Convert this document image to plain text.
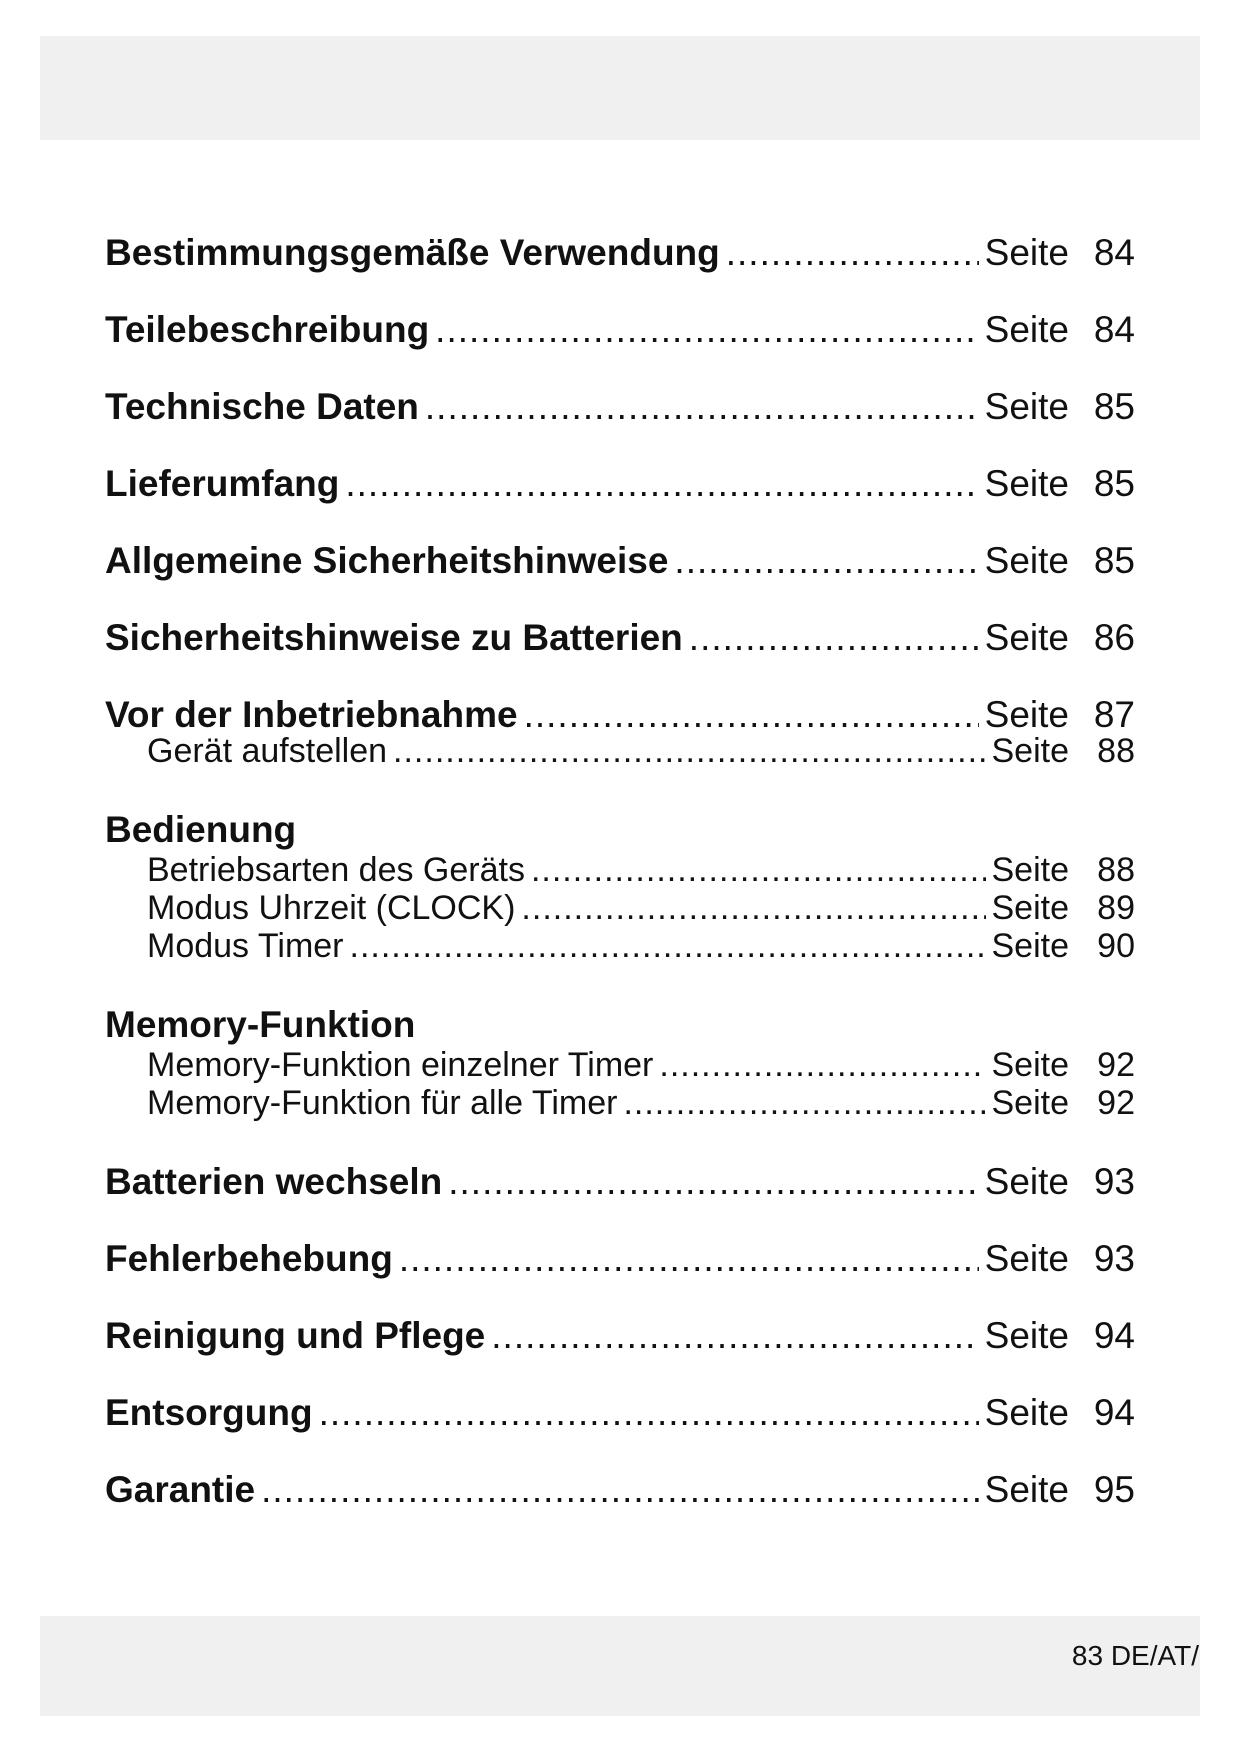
Bestimmungsgemäße Verwendung .....	Seite 84
Teilebeschreibung .....	Seite 84
Technische Daten .....	Seite 85
Lieferumfang .....	Seite 85
Allgemeine Sicherheitshinweise .....	Seite 85
Sicherheitshinweise zu Batterien .....	Seite 86
Vor der Inbetriebnahme .....	Seite 87
Gerät aufstellen .....	Seite 88
Bedienung
Betriebsarten des Geräts .....	Seite 88
Modus Uhrzeit (CLOCK) .....	Seite 89
Modus Timer .....	Seite 90
Memory-Funktion
Memory-Funktion einzelner Timer .....	Seite 92
Memory-Funktion für alle Timer .....	Seite 92
Batterien wechseln .....	Seite 93
Fehlerbehebung .....	Seite 93
Reinigung und Pflege .....	Seite 94
Entsorgung .....	Seite 94
Garantie .....	Seite 95
83 DE/AT/
